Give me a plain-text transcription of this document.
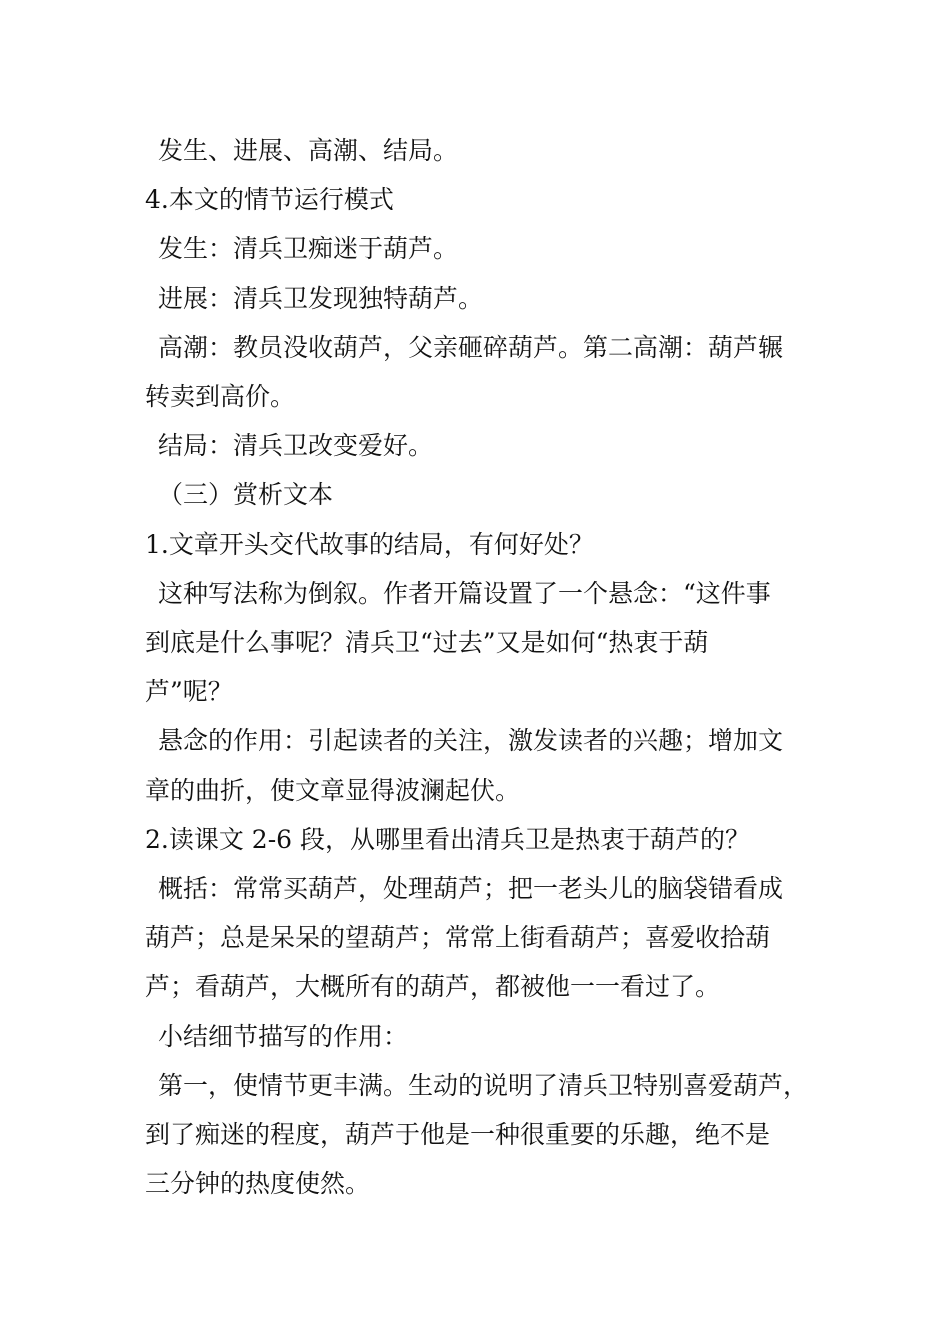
发生、进展、高潮、结局。

4.本文的情节运行模式

发生：清兵卫痴迷于葫芦。

进展：清兵卫发现独特葫芦。

高潮：教员没收葫芦，父亲砸碎葫芦。第二高潮：葫芦辗

转卖到高价。

结局：清兵卫改变爱好。

（三）赏析文本

1.文章开头交代故事的结局，有何好处？

这种写法称为倒叙。作者开篇设置了一个悬念：“这件事

到底是什么事呢？清兵卫“过去”又是如何“热衷于葫

芦”呢？

悬念的作用：引起读者的关注，激发读者的兴趣；增加文

章的曲折，使文章显得波澜起伏。

2.读课文 2-6 段，从哪里看出清兵卫是热衷于葫芦的？

概括：常常买葫芦，处理葫芦；把一老头儿的脑袋错看成

葫芦；总是呆呆的望葫芦；常常上街看葫芦；喜爱收拾葫

芦；看葫芦，大概所有的葫芦，都被他一一看过了。

小结细节描写的作用：

第一，使情节更丰满。生动的说明了清兵卫特别喜爱葫芦，

到了痴迷的程度，葫芦于他是一种很重要的乐趣，绝不是

三分钟的热度使然。
